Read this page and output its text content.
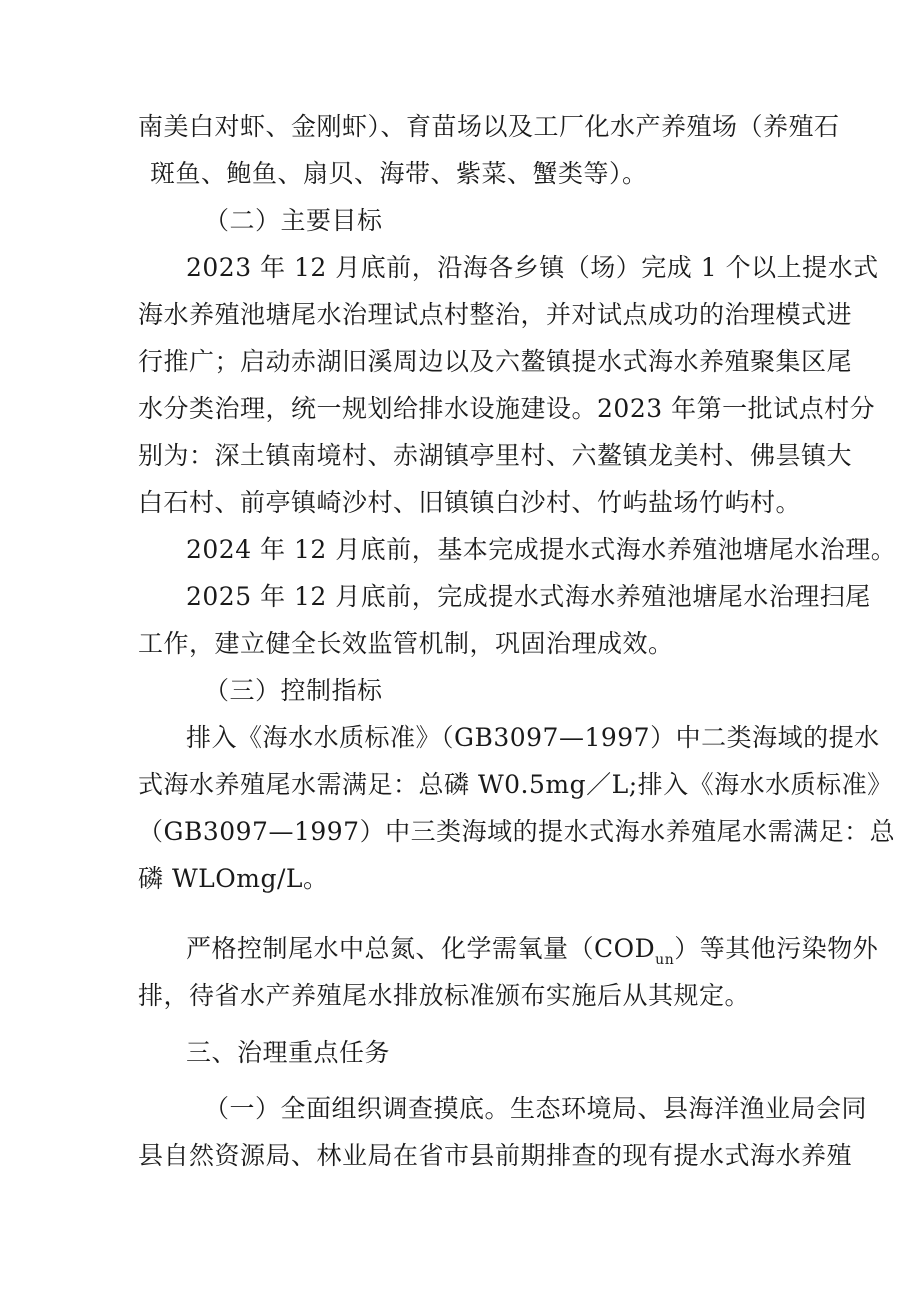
南美白对虾、金刚虾）、育苗场以及工厂化水产养殖场（养殖石
斑鱼、鲍鱼、扇贝、海带、紫菜、蟹类等）。
（二）主要目标
2023 年 12 月底前，沿海各乡镇（场）完成 1 个以上提水式
海水养殖池塘尾水治理试点村整治，并对试点成功的治理模式进
行推广；启动赤湖旧溪周边以及六鳌镇提水式海水养殖聚集区尾
水分类治理，统一规划给排水设施建设。2023 年第一批试点村分
别为：深土镇南境村、赤湖镇亭里村、六鳌镇龙美村、佛昙镇大
白石村、前亭镇崎沙村、旧镇镇白沙村、竹屿盐场竹屿村。
2024 年 12 月底前，基本完成提水式海水养殖池塘尾水治理。
2025 年 12 月底前，完成提水式海水养殖池塘尾水治理扫尾
工作，建立健全长效监管机制，巩固治理成效。
（三）控制指标
排入《海水水质标准》（GB3097—1997）中二类海域的提水
式海水养殖尾水需满足：总磷 W0.5mg／L;排入《海水水质标准》
（GB3097—1997）中三类海域的提水式海水养殖尾水需满足：总
磷 WLOmg/L。
严格控制尾水中总氮、化学需氧量$(COD_{un})$等其他污染物外
排，待省水产养殖尾水排放标准颁布实施后从其规定。
三、治理重点任务
（一）全面组织调查摸底。生态环境局、县海洋渔业局会同
县自然资源局、林业局在省市县前期排查的现有提水式海水养殖
